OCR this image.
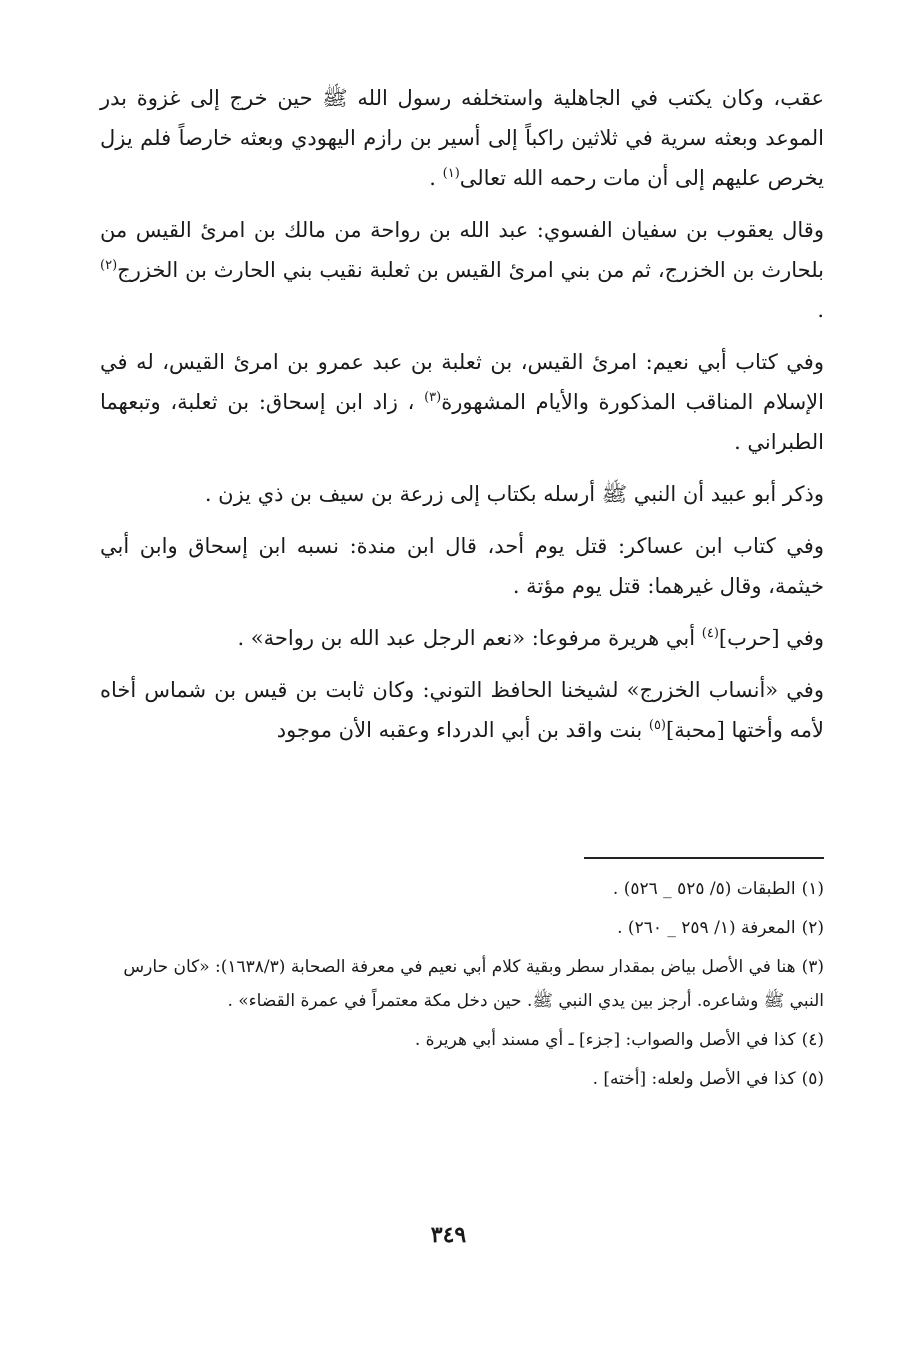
عقب، وكان يكتب في الجاهلية واستخلفه رسول الله ﷺ حين خرج إلى غزوة بدر الموعد وبعثه سرية في ثلاثين راكباً إلى أسير بن رازم اليهودي وبعثه خارصاً فلم يزل يخرص عليهم إلى أن مات رحمه الله تعالى$^{(١)}$ .

وقال يعقوب بن سفيان الفسوي: عبد الله بن رواحة من مالك بن امرئ القيس من بلحارث بن الخزرج، ثم من بني امرئ القيس بن ثعلبة نقيب بني الحارث بن الخزرج$^{(٢)}$ .

وفي كتاب أبي نعيم: امرئ القيس، بن ثعلبة بن عبد عمرو بن امرئ القيس، له في الإسلام المناقب المذكورة والأيام المشهورة$^{(٣)}$ ، زاد ابن إسحاق: بن ثعلبة، وتبعهما الطبراني .

وذكر أبو عبيد أن النبي ﷺ أرسله بكتاب إلى زرعة بن سيف بن ذي يزن .

وفي كتاب ابن عساكر: قتل يوم أحد، قال ابن مندة: نسبه ابن إسحاق وابن أبي خيثمة، وقال غيرهما: قتل يوم مؤتة .

وفي [حرب]$^{(٤)}$ أبي هريرة مرفوعا: «نعم الرجل عبد الله بن رواحة» .

وفي «أنساب الخزرج» لشيخنا الحافظ التوني: وكان ثابت بن قيس بن شماس أخاه لأمه وأختها [محبة]$^{(٥)}$ بنت واقد بن أبي الدرداء وعقبه الأن موجود

(١)الطبقات (٥/ ٥٢٥ _ ٥٢٦) .
(٢)المعرفة (١/ ٢٥٩ _ ٢٦٠) .
(٣)هنا في الأصل بياض بمقدار سطر وبقية كلام أبي نعيم في معرفة الصحابة (١٦٣٨/٣): «كان حارس النبي ﷺ وشاعره. أرجز بين يدي النبي ﷺ. حين دخل مكة معتمراً في عمرة القضاء» .
(٤)كذا في الأصل والصواب: [جزء] ـ أي مسند أبي هريرة .
(٥)كذا في الأصل ولعله: [أخته] .
٣٤٩
